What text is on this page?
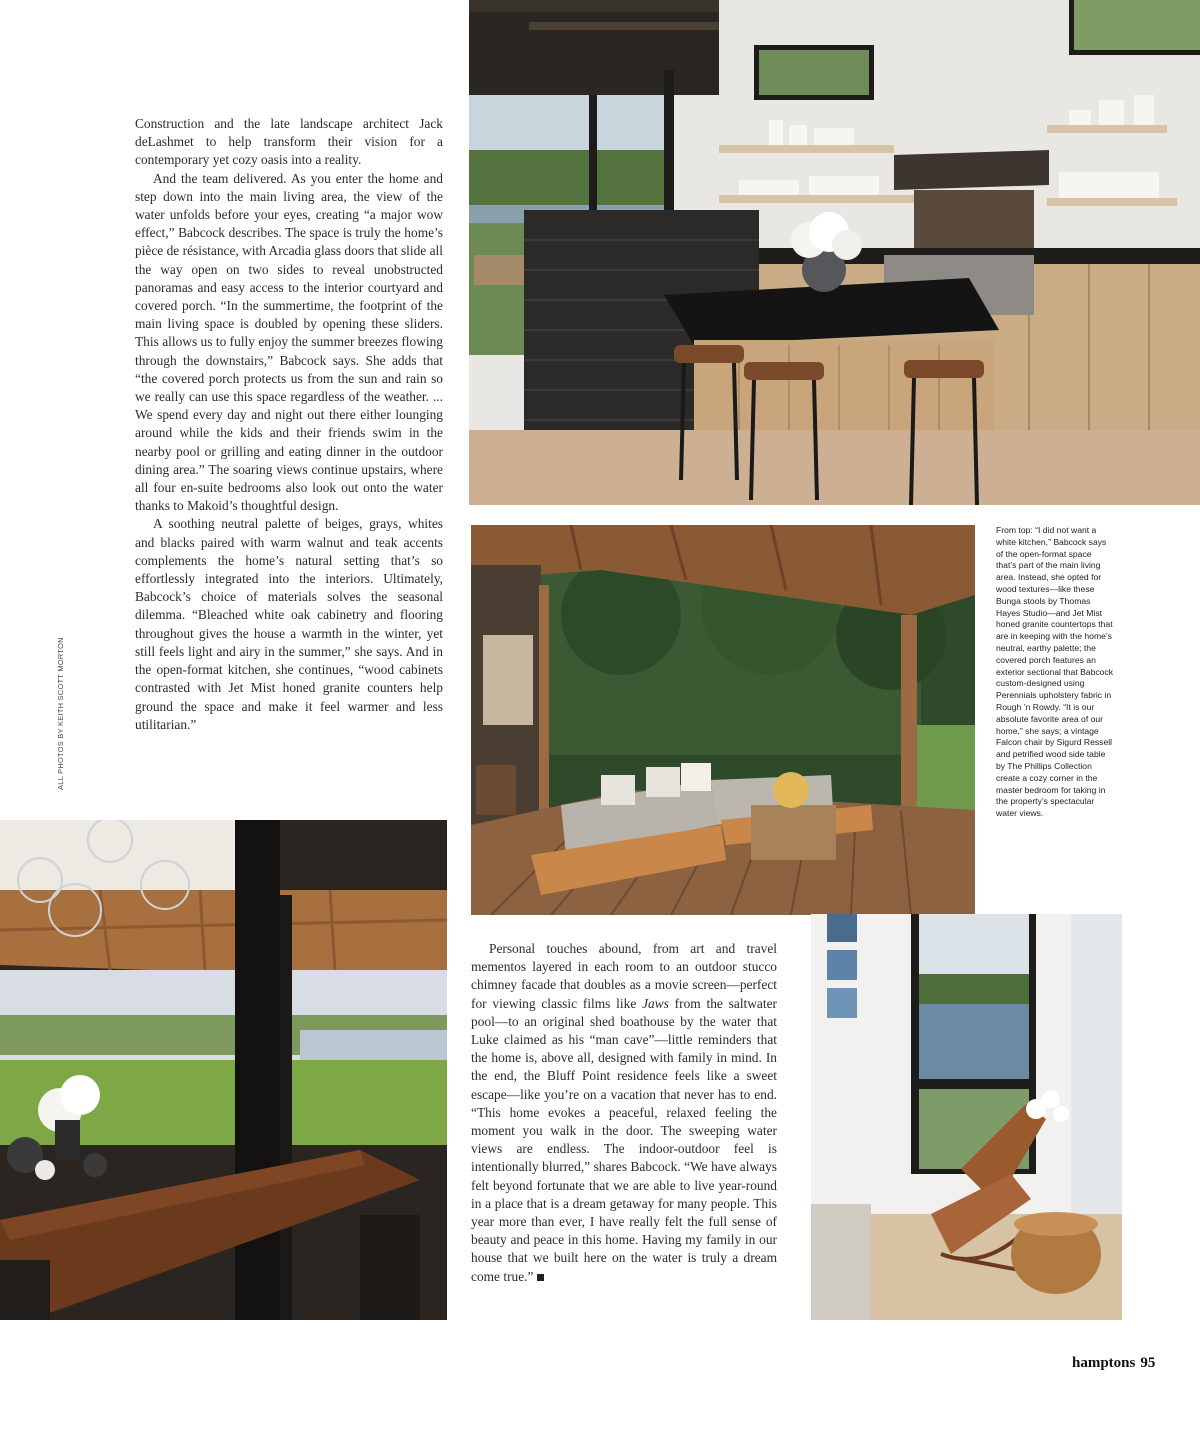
Construction and the late landscape architect Jack deLashmet to help transform their vision for a contemporary yet cozy oasis into a reality.

And the team delivered. As you enter the home and step down into the main living area, the view of the water unfolds before your eyes, creating “a major wow effect,” Babcock describes. The space is truly the home’s pièce de résistance, with Arcadia glass doors that slide all the way open on two sides to reveal unobstructed panoramas and easy access to the interior courtyard and covered porch. “In the summertime, the footprint of the main living space is doubled by opening these sliders. This allows us to fully enjoy the summer breezes flowing through the downstairs,” Babcock says. She adds that “the covered porch protects us from the sun and rain so we really can use this space regardless of the weather. ... We spend every day and night out there either lounging around while the kids and their friends swim in the nearby pool or grilling and eating dinner in the outdoor dining area.” The soaring views continue upstairs, where all four en-suite bedrooms also look out onto the water thanks to Makoid’s thoughtful design.

A soothing neutral palette of beiges, grays, whites and blacks paired with warm walnut and teak accents complements the home’s natural setting that’s so effortlessly integrated into the interiors. Ultimately, Babcock’s choice of materials solves the seasonal dilemma. “Bleached white oak cabinetry and flooring throughout gives the house a warmth in the winter, yet still feels light and airy in the summer,” she says. And in the open-format kitchen, she continues, “wood cabinets contrasted with Jet Mist honed granite counters help ground the space and make it feel warmer and less utilitarian.”

ALL PHOTOS BY KEITH SCOTT MORTON
From top: “I did not want a white kitchen,” Babcock says of the open-format space that’s part of the main living area. Instead, she opted for wood textures—like these Bunga stools by Thomas Hayes Studio—and Jet Mist honed granite countertops that are in keeping with the home’s neutral, earthy palette; the covered porch features an exterior sectional that Babcock custom-designed using Perennials upholstery fabric in Rough ’n Rowdy. “It is our absolute favorite area of our home,” she says; a vintage Falcon chair by Sigurd Ressell and petrified wood side table by The Phillips Collection create a cozy corner in the master bedroom for taking in the property’s spectacular water views.

Personal touches abound, from art and travel mementos layered in each room to an outdoor stucco chimney facade that doubles as a movie screen—perfect for viewing classic films like Jaws from the saltwater pool—to an original shed boathouse by the water that Luke claimed as his “man cave”—little reminders that the home is, above all, designed with family in mind. In the end, the Bluff Point residence feels like a sweet escape—like you’re on a vacation that never has to end. “This home evokes a peaceful, relaxed feeling the moment you walk in the door. The sweeping water views are endless. The indoor-outdoor feel is intentionally blurred,” shares Babcock. “We have always felt beyond fortunate that we are able to live year-round in a place that is a dream getaway for many people. This year more than ever, I have really felt the full sense of beauty and peace in this home. Having my family in our house that we built here on the water is truly a dream come true.”

hamptons 95
